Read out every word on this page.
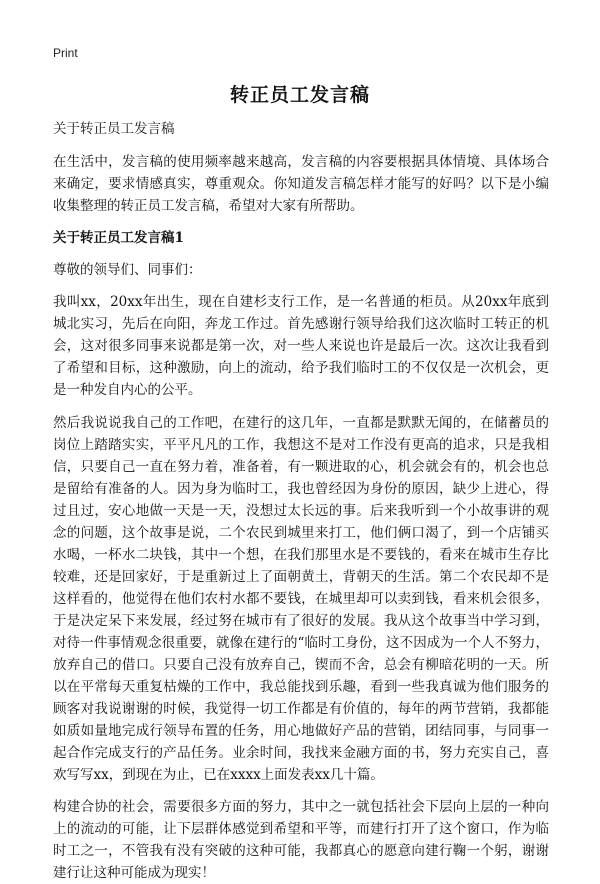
Print
转正员工发言稿

关于转正员工发言稿

在生活中，发言稿的使用频率越来越高，发言稿的内容要根据具体情境、具体场合来确定，要求情感真实，尊重观众。你知道发言稿怎样才能写的好吗？以下是小编收集整理的转正员工发言稿，希望对大家有所帮助。

关于转正员工发言稿1

尊敬的领导们、同事们：

我叫xx，20xx年出生，现在自建杉支行工作，是一名普通的柜员。从20xx年底到城北实习，先后在向阳，奔龙工作过。首先感谢行领导给我们这次临时工转正的机会，这对很多同事来说都是第一次，对一些人来说也许是最后一次。这次让我看到了希望和目标，这种激励，向上的流动，给予我们临时工的不仅仅是一次机会，更是一种发自内心的公平。

然后我说说我自己的工作吧，在建行的这几年，一直都是默默无闻的，在储蓄员的岗位上踏踏实实，平平凡凡的工作，我想这不是对工作没有更高的追求，只是我相信，只要自己一直在努力着，准备着，有一颗进取的心，机会就会有的，机会也总是留给有准备的人。因为身为临时工，我也曾经因为身份的原因，缺少上进心，得过且过，安心地做一天是一天，没想过太长远的事。后来我听到一个小故事讲的观念的问题，这个故事是说，二个农民到城里来打工，他们俩口渴了，到一个店铺买水喝，一杯水二块钱，其中一个想，在我们那里水是不要钱的，看来在城市生存比较难，还是回家好，于是重新过上了面朝黄土，背朝天的生活。第二个农民却不是这样看的，他觉得在他们农村水都不要钱，在城里却可以卖到钱，看来机会很多，于是决定呆下来发展，经过努在城市有了很好的发展。我从这个故事当中学习到，对待一件事情观念很重要，就像在建行的“临时工身份，这不因成为一个人不努力，放弃自己的借口。只要自己没有放弃自己，锲而不舍，总会有柳暗花明的一天。所以在平常每天重复枯燥的工作中，我总能找到乐趣，看到一些我真诚为他们服务的顾客对我说谢谢的时候，我觉得一切工作都是有价值的，每年的两节营销，我都能如质如量地完成行领导布置的任务，用心地做好产品的营销，团结同事，与同事一起合作完成支行的产品任务。业余时间，我找来金融方面的书，努力充实自己，喜欢写写xx，到现在为止，已在xxxx上面发表xx几十篇。

构建合协的社会，需要很多方面的努力，其中之一就包括社会下层向上层的一种向上的流动的可能，让下层群体感觉到希望和平等，而建行打开了这个窗口，作为临时工之一，不管我有没有突破的这种可能，我都真心的愿意向建行鞠一个躬，谢谢建行让这种可能成为现实！
